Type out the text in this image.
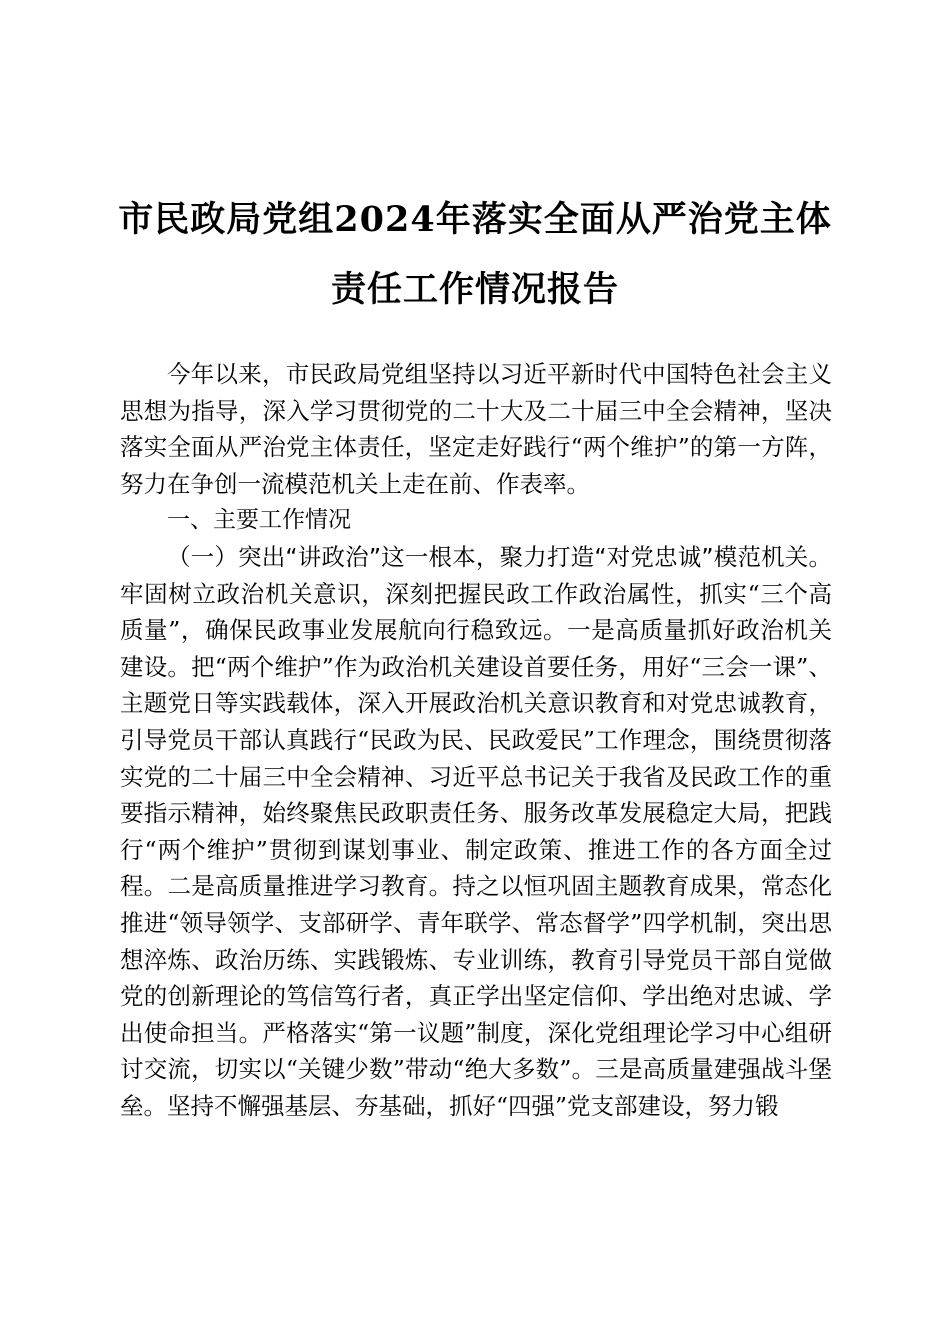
市民政局党组2024年落实全面从严治党主体
责任工作情况报告

今年以来，市民政局党组坚持以习近平新时代中国特色社会主义思想为指导，深入学习贯彻党的二十大及二十届三中全会精神，坚决落实全面从严治党主体责任，坚定走好践行“两个维护”的第一方阵，努力在争创一流模范机关上走在前、作表率。

一、主要工作情况

（一）突出“讲政治”这一根本，聚力打造“对党忠诚”模范机关。牢固树立政治机关意识，深刻把握民政工作政治属性，抓实“三个高质量”，确保民政事业发展航向行稳致远。一是高质量抓好政治机关建设。把“两个维护”作为政治机关建设首要任务，用好“三会一课”、主题党日等实践载体，深入开展政治机关意识教育和对党忠诚教育，引导党员干部认真践行“民政为民、民政爱民”工作理念，围绕贯彻落实党的二十届三中全会精神、习近平总书记关于我省及民政工作的重要指示精神，始终聚焦民政职责任务、服务改革发展稳定大局，把践行“两个维护”贯彻到谋划事业、制定政策、推进工作的各方面全过程。二是高质量推进学习教育。持之以恒巩固主题教育成果，常态化推进“领导领学、支部研学、青年联学、常态督学”四学机制，突出思想淬炼、政治历练、实践锻炼、专业训练，教育引导党员干部自觉做党的创新理论的笃信笃行者，真正学出坚定信仰、学出绝对忠诚、学出使命担当。严格落实“第一议题”制度，深化党组理论学习中心组研讨交流，切实以“关键少数”带动“绝大多数”。三是高质量建强战斗堡垒。坚持不懈强基层、夯基础，抓好“四强”党支部建设，努力锻
